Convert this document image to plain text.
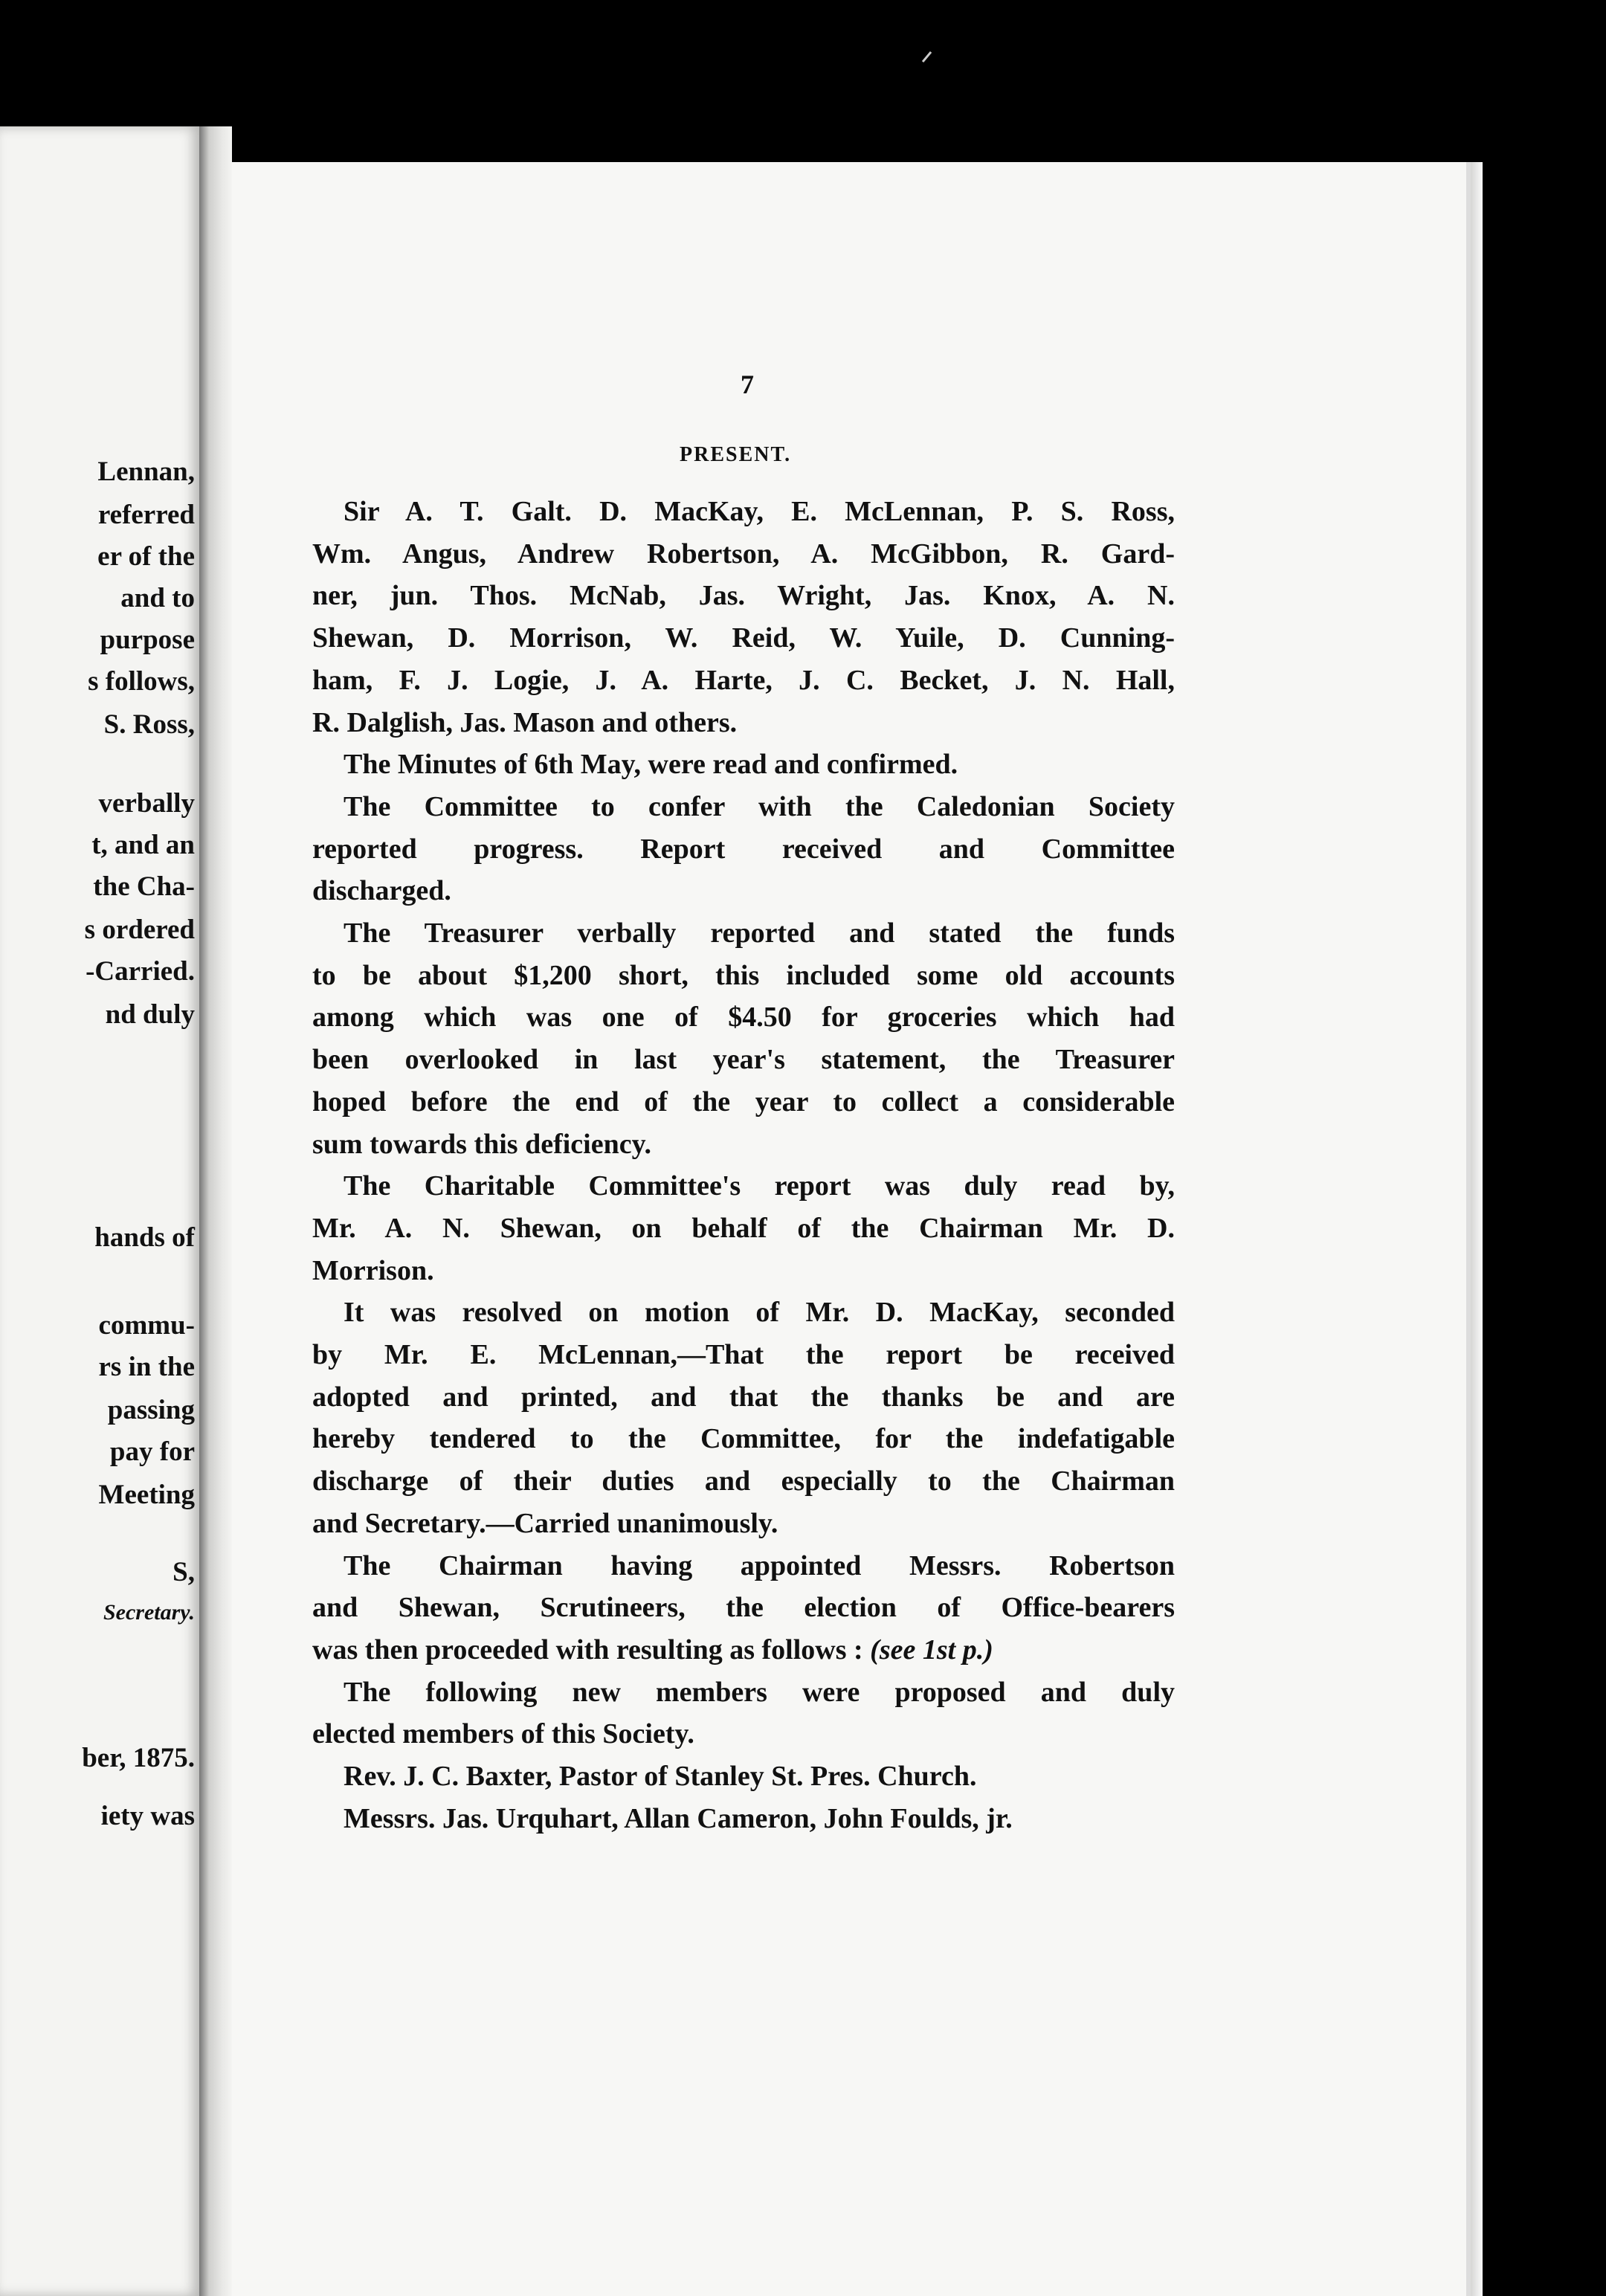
Lennan,
referred
er of the
and to
purpose
s follows,
S. Ross,
verbally
t, and an
the Cha-
s ordered
-Carried.
nd duly
hands of
commu-
rs in the
passing
pay for
Meeting
S,
Secretary.
ber, 1875.
iety was
ᐟ
7
PRESENT.
Sir A. T. Galt. D. MacKay, E. McLennan, P. S. Ross,
Wm. Angus, Andrew Robertson, A. McGibbon, R. Gard-
ner, jun. Thos. McNab, Jas. Wright, Jas. Knox, A. N.
Shewan, D. Morrison, W. Reid, W. Yuile, D. Cunning-
ham, F. J. Logie, J. A. Harte, J. C. Becket, J. N. Hall,
R. Dalglish, Jas. Mason and others.
The Minutes of 6th May, were read and confirmed.
The Committee to confer with the Caledonian Society
reported progress. Report received and Committee
discharged.
The Treasurer verbally reported and stated the funds
to be about $1,200 short, this included some old accounts
among which was one of $4.50 for groceries which had
been overlooked in last year's statement, the Treasurer
hoped before the end of the year to collect a considerable
sum towards this deficiency.
The Charitable Committee's report was duly read by,
Mr. A. N. Shewan, on behalf of the Chairman Mr. D.
Morrison.
It was resolved on motion of Mr. D. MacKay, seconded
by Mr. E. McLennan,—That the report be received
adopted and printed, and that the thanks be and are
hereby tendered to the Committee, for the indefatigable
discharge of their duties and especially to the Chairman
and Secretary.—Carried unanimously.
The Chairman having appointed Messrs. Robertson
and Shewan, Scrutineers, the election of Office-bearers
was then proceeded with resulting as follows : (see 1st p.)
The following new members were proposed and duly
elected members of this Society.
Rev. J. C. Baxter, Pastor of Stanley St. Pres. Church.
Messrs. Jas. Urquhart, Allan Cameron, John Foulds, jr.
